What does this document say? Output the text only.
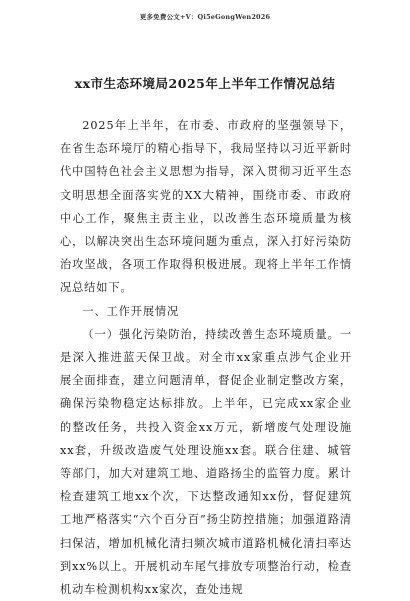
更多免费公文+V：Qi5eGongWen2026
xx市生态环境局2025年上半年工作情况总结

2025年上半年，在市委、市政府的坚强领导下，在省生态环境厅的精心指导下，我局坚持以习近平新时代中国特色社会主义思想为指导，深入贯彻习近平生态文明思想全面落实党的XX大精神，围绕市委、市政府中心工作，聚焦主责主业，以改善生态环境质量为核心，以解决突出生态环境问题为重点，深入打好污染防治攻坚战，各项工作取得积极进展。现将上半年工作情况总结如下。

一、工作开展情况

（一）强化污染防治，持续改善生态环境质量。一是深入推进蓝天保卫战。对全市xx家重点涉气企业开展全面排查，建立问题清单，督促企业制定整改方案，确保污染物稳定达标排放。上半年，已完成xx家企业的整改任务，共投入资金xx万元，新增废气处理设施xx套，升级改造废气处理设施xx套。联合住建、城管等部门，加大对建筑工地、道路扬尘的监管力度。累计检查建筑工地xx个次，下达整改通知xx份，督促建筑工地严格落实“六个百分百”扬尘防控措施；加强道路清扫保洁，增加机械化清扫频次城市道路机械化清扫率达到xx%以上。开展机动车尾气排放专项整治行动，检查机动车检测机构xx家次，查处违规
